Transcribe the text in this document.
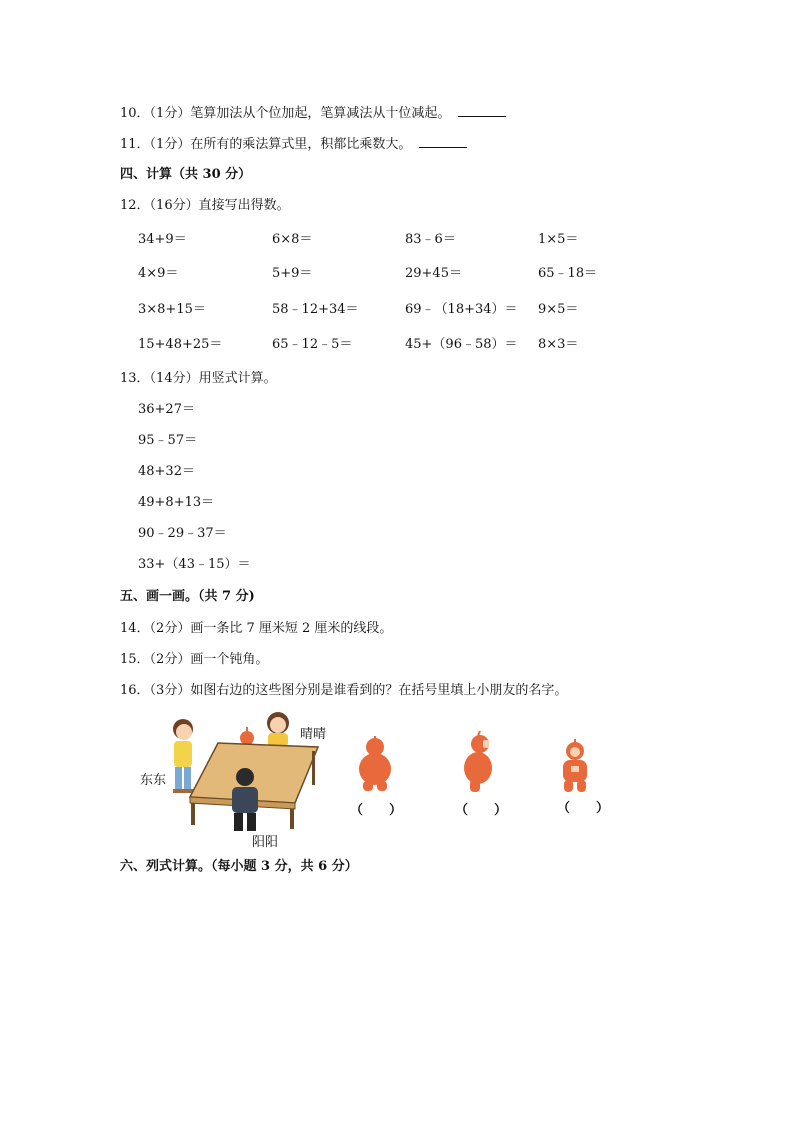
10．（1分）笔算加法从个位加起，笔算减法从十位减起。
11．（1分）在所有的乘法算式里，积都比乘数大。
四、计算（共 30 分）
12．（16分）直接写出得数。
34+9＝	6×8＝	83﹣6＝	1×5＝
4×9＝	5+9＝	29+45＝	65﹣18＝
3×8+15＝	58﹣12+34＝	69﹣（18+34）＝ 9×5＝
15+48+25＝	65﹣12﹣5＝	45+（96﹣58）＝ 8×3＝
13．（14分）用竖式计算。
36+27＝
95﹣57＝
48+32＝
49+8+13＝
90﹣29﹣37＝
33+（43﹣15）＝
五、画一画。（共 7 分)
14．（2分）画一条比 7 厘米短 2 厘米的线段。
15．（2分）画一个钝角。
16．（3分）如图右边的这些图分别是谁看到的？在括号里填上小朋友的名字。
晴晴
东东
阳阳
（　　）	（　　）	（　　）
六、列式计算。（每小题 3 分，共 6 分）
